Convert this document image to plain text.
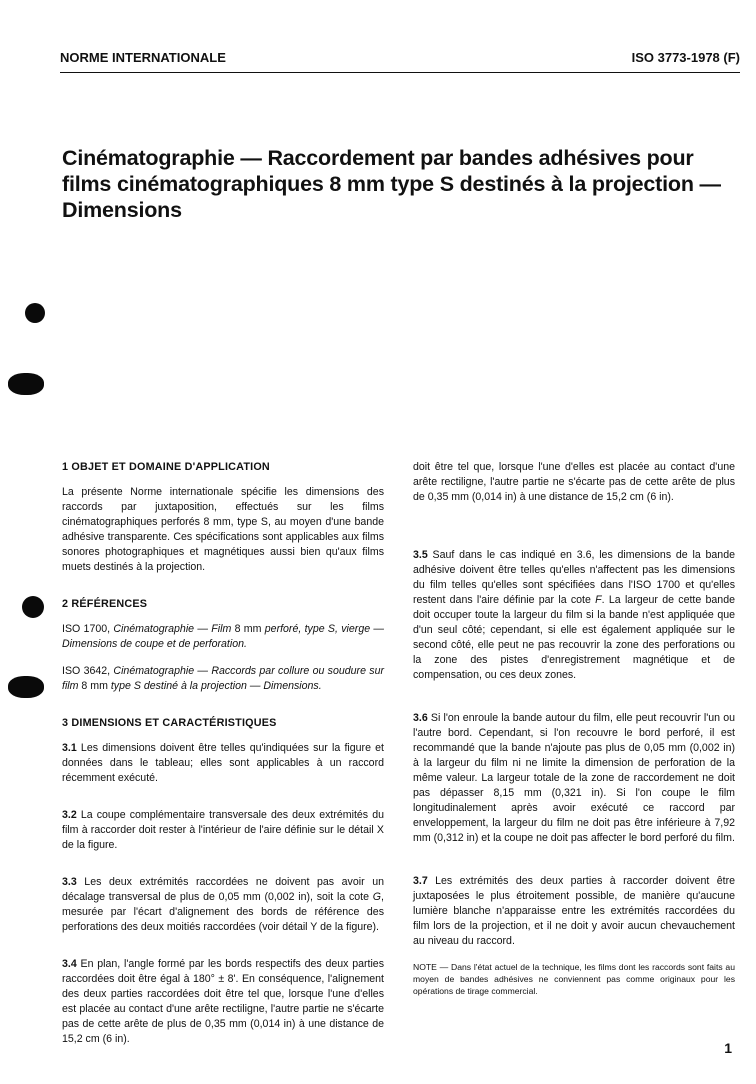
NORME INTERNATIONALE	ISO 3773-1978 (F)
Cinématographie — Raccordement par bandes adhésives pour films cinématographiques 8 mm type S destinés à la projection — Dimensions
1 OBJET ET DOMAINE D'APPLICATION

La présente Norme internationale spécifie les dimensions des raccords par juxtaposition, effectués sur les films cinématographiques perforés 8 mm, type S, au moyen d'une bande adhésive transparente. Ces spécifications sont applicables aux films sonores photographiques et magnétiques aussi bien qu'aux films muets destinés à la projection.

2 RÉFÉRENCES

ISO 1700, Cinématographie — Film 8 mm perforé, type S, vierge — Dimensions de coupe et de perforation.

ISO 3642, Cinématographie — Raccords par collure ou soudure sur film 8 mm type S destiné à la projection — Dimensions.

3 DIMENSIONS ET CARACTÉRISTIQUES

3.1 Les dimensions doivent être telles qu'indiquées sur la figure et données dans le tableau; elles sont applicables à un raccord récemment exécuté.

3.2 La coupe complémentaire transversale des deux extrémités du film à raccorder doit rester à l'intérieur de l'aire définie sur le détail X de la figure.

3.3 Les deux extrémités raccordées ne doivent pas avoir un décalage transversal de plus de 0,05 mm (0,002 in), soit la cote G, mesurée par l'écart d'alignement des bords de référence des perforations des deux moitiés raccordées (voir détail Y de la figure).

3.4 En plan, l'angle formé par les bords respectifs des deux parties raccordées doit être égal à 180° ± 8'. En conséquence, l'alignement des deux parties raccordées doit être tel que, lorsque l'une d'elles est placée au contact d'une arête rectiligne, l'autre partie ne s'écarte pas de cette arête de plus de 0,35 mm (0,014 in) à une distance de 15,2 cm (6 in).

doit être tel que, lorsque l'une d'elles est placée au contact d'une arête rectiligne, l'autre partie ne s'écarte pas de cette arête de plus de 0,35 mm (0,014 in) à une distance de 15,2 cm (6 in).

3.5 Sauf dans le cas indiqué en 3.6, les dimensions de la bande adhésive doivent être telles qu'elles n'affectent pas les dimensions du film telles qu'elles sont spécifiées dans l'ISO 1700 et qu'elles restent dans l'aire définie par la cote F. La largeur de cette bande doit occuper toute la largeur du film si la bande n'est appliquée que d'un seul côté; cependant, si elle est également appliquée sur le second côté, elle peut ne pas recouvrir la zone des perforations ou la zone des pistes d'enregistrement magnétique et de compensation, ou ces deux zones.

3.6 Si l'on enroule la bande autour du film, elle peut recouvrir l'un ou l'autre bord. Cependant, si l'on recouvre le bord perforé, il est recommandé que la bande n'ajoute pas plus de 0,05 mm (0,002 in) à la largeur du film ni ne limite la dimension de perforation de la même valeur. La largeur totale de la zone de raccordement ne doit pas dépasser 8,15 mm (0,321 in). Si l'on coupe le film longitudinalement après avoir exécuté ce raccord par enveloppement, la largeur du film ne doit pas être inférieure à 7,92 mm (0,312 in) et la coupe ne doit pas affecter le bord perforé du film.

3.7 Les extrémités des deux parties à raccorder doivent être juxtaposées le plus étroitement possible, de manière qu'aucune lumière blanche n'apparaisse entre les extrémités raccordées du film lors de la projection, et il ne doit y avoir aucun chevauchement au niveau du raccord.

NOTE — Dans l'état actuel de la technique, les films dont les raccords sont faits au moyen de bandes adhésives ne conviennent pas comme originaux pour les opérations de tirage commercial.

1
